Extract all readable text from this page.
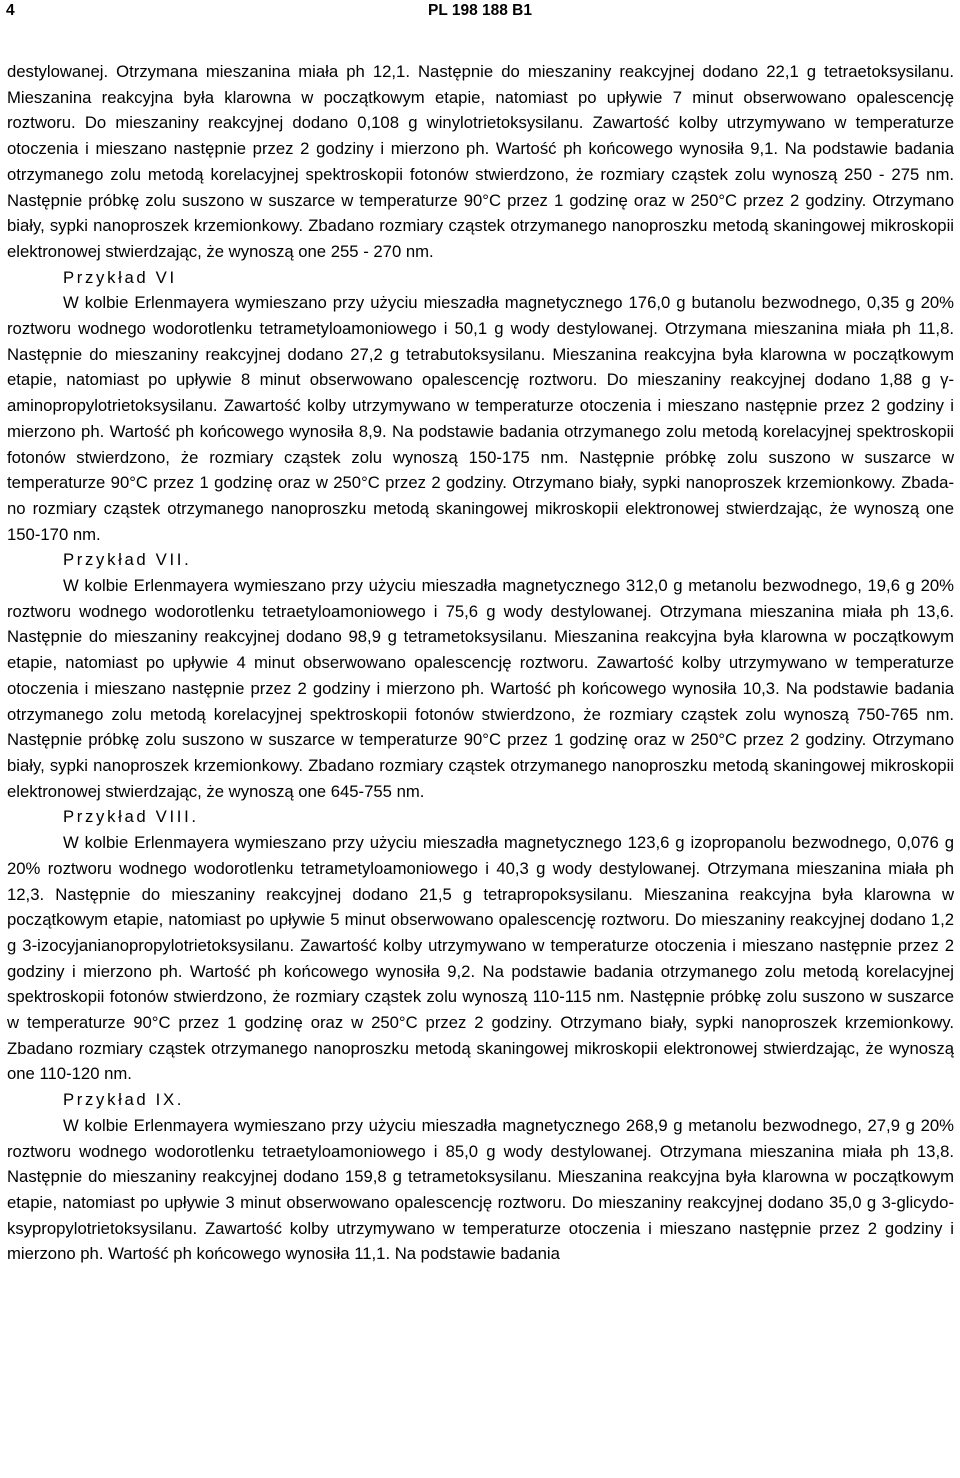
4	PL 198 188 B1

destylowanej. Otrzymana mieszanina miała ph 12,1. Następnie do mieszaniny reakcyjnej dodano 22,1 g tetraetoksysilanu. Mieszanina reakcyjna była klarowna w początkowym etapie, natomiast po upływie 7 minut obserwowano opalescencję roztworu. Do mieszaniny reakcyjnej dodano 0,108 g winylotrietoksysilanu. Zawartość kolby utrzymywano w temperaturze otoczenia i mieszano następnie przez 2 godziny i mierzono ph. Wartość ph końcowego wynosiła 9,1. Na podstawie badania otrzymanego zolu metodą korelacyjnej spektroskopii fotonów stwierdzono, że rozmiary cząstek zolu wynoszą 250 - 275 nm. Następnie próbkę zolu suszono w suszarce w temperaturze 90°C przez 1 godzinę oraz w 250°C przez 2 godziny. Otrzymano biały, sypki nanoproszek krzemionkowy. Zbadano rozmiary cząstek otrzymanego nanoproszku metodą skaningowej mikroskopii elektronowej stwierdzając, że wynoszą one 255 - 270 nm.

Przykład VI

W kolbie Erlenmayera wymieszano przy użyciu mieszadła magnetycznego 176,0 g butanolu bezwodnego, 0,35 g 20% roztworu wodnego wodorotlenku tetrametyloamoniowego i 50,1 g wody destylowanej. Otrzymana mieszanina miała ph 11,8. Następnie do mieszaniny reakcyjnej dodano 27,2 g tetrabutoksysilanu. Mieszanina reakcyjna była klarowna w początkowym etapie, natomiast po upływie 8 minut obserwowano opalescencję roztworu. Do mieszaniny reakcyjnej dodano 1,88 g γ-aminopropylotrietoksysilanu. Zawartość kolby utrzymywano w temperaturze otoczenia i mieszano następnie przez 2 godziny i mierzono ph. Wartość ph końcowego wynosiła 8,9. Na podstawie badania otrzymanego zolu metodą korelacyjnej spektroskopii fotonów stwierdzono, że rozmiary cząstek zolu wynoszą 150-175 nm. Następnie próbkę zolu suszono w suszarce w temperaturze 90°C przez 1 godzinę oraz w 250°C przez 2 godziny. Otrzymano biały, sypki nanoproszek krzemionkowy. Zbadano rozmiary cząstek otrzymanego nanoproszku metodą skaningowej mikroskopii elektronowej stwierdzając, że wynoszą one 150-170 nm.

Przykład VII.

W kolbie Erlenmayera wymieszano przy użyciu mieszadła magnetycznego 312,0 g metanolu bezwodnego, 19,6 g 20% roztworu wodnego wodorotlenku tetraetyloamoniowego i 75,6 g wody destylowanej. Otrzymana mieszanina miała ph 13,6. Następnie do mieszaniny reakcyjnej dodano 98,9 g tetrametoksysilanu. Mieszanina reakcyjna była klarowna w początkowym etapie, natomiast po upływie 4 minut obserwowano opalescencję roztworu. Zawartość kolby utrzymywano w temperaturze otoczenia i mieszano następnie przez 2 godziny i mierzono ph. Wartość ph końcowego wynosiła 10,3. Na podstawie badania otrzymanego zolu metodą korelacyjnej spektroskopii fotonów stwierdzono, że rozmiary cząstek zolu wynoszą 750-765 nm. Następnie próbkę zolu suszono w suszarce w temperaturze 90°C przez 1 godzinę oraz w 250°C przez 2 godziny. Otrzymano biały, sypki nanoproszek krzemionkowy. Zbadano rozmiary cząstek otrzymanego nanoproszku metodą skaningowej mikroskopii elektronowej stwierdzając, że wynoszą one 645-755 nm.

Przykład VIII.

W kolbie Erlenmayera wymieszano przy użyciu mieszadła magnetycznego 123,6 g izopropanolu bezwodnego, 0,076 g 20% roztworu wodnego wodorotlenku tetrametyloamoniowego i 40,3 g wody destylowanej. Otrzymana mieszanina miała ph 12,3. Następnie do mieszaniny reakcyjnej dodano 21,5 g tetrapropoksysilanu. Mieszanina reakcyjna była klarowna w początkowym etapie, natomiast po upływie 5 minut obserwowano opalescencję roztworu. Do mieszaniny reakcyjnej dodano 1,2 g 3-izocyjanianopropylotrietoksysilanu. Zawartość kolby utrzymywano w temperaturze otoczenia i mieszano następnie przez 2 godziny i mierzono ph. Wartość ph końcowego wynosiła 9,2. Na podstawie badania otrzymanego zolu metodą korelacyjnej spektroskopii fotonów stwierdzono, że rozmiary cząstek zolu wynoszą 110-115 nm. Następnie próbkę zolu suszono w suszarce w temperaturze 90°C przez 1 godzinę oraz w 250°C przez 2 godziny. Otrzymano biały, sypki nanoproszek krzemionkowy. Zbadano rozmiary cząstek otrzymanego nanoproszku metodą skaningowej mikroskopii elektronowej stwierdzając, że wynoszą one 110-120 nm.

Przykład IX.

W kolbie Erlenmayera wymieszano przy użyciu mieszadła magnetycznego 268,9 g metanolu bezwodnego, 27,9 g 20% roztworu wodnego wodorotlenku tetraetyloamoniowego i 85,0 g wody destylowanej. Otrzymana mieszanina miała ph 13,8. Następnie do mieszaniny reakcyjnej dodano 159,8 g tetrametoksysilanu. Mieszanina reakcyjna była klarowna w początkowym etapie, natomiast po upływie 3 minut obserwowano opalescencję roztworu. Do mieszaniny reakcyjnej dodano 35,0 g 3-glicydoksypropylotrietoksysilanu. Zawartość kolby utrzymywano w temperaturze otoczenia i mieszano następnie przez 2 godziny i mierzono ph. Wartość ph końcowego wynosiła 11,1. Na podstawie badania
